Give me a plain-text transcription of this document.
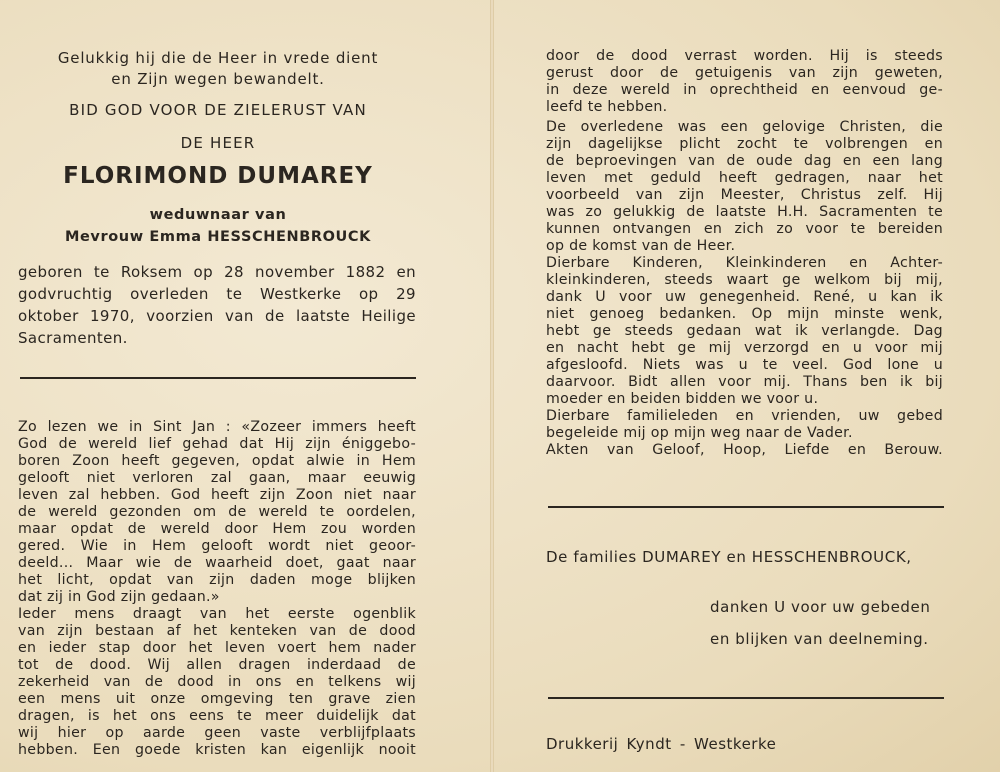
Gelukkig hij die de Heer in vrede dient

en Zijn wegen bewandelt.

BID GOD VOOR DE ZIELERUST VAN
DE HEER
FLORIMOND DUMAREY
weduwnaar van
Mevrouw Emma HESSCHENBROUCK

geboren te Roksem op 28 november 1882 en

godvruchtig overleden te Westkerke op 29

oktober 1970, voorzien van de laatste Heilige

Sacramenten.

Zo lezen we in Sint Jan : «Zozeer immers heeft

God de wereld lief gehad dat Hij zijn éniggebo-

boren Zoon heeft gegeven, opdat alwie in Hem

gelooft niet verloren zal gaan, maar eeuwig

leven zal hebben. God heeft zijn Zoon niet naar

de wereld gezonden om de wereld te oordelen,

maar opdat de wereld door Hem zou worden

gered. Wie in Hem gelooft wordt niet geoor-

deeld... Maar wie de waarheid doet, gaat naar

het licht, opdat van zijn daden moge blijken

dat zij in God zijn gedaan.»

Ieder mens draagt van het eerste ogenblik

van zijn bestaan af het kenteken van de dood

en ieder stap door het leven voert hem nader

tot de dood. Wij allen dragen inderdaad de

zekerheid van de dood in ons en telkens wij

een mens uit onze omgeving ten grave zien

dragen, is het ons eens te meer duidelijk dat

wij hier op aarde geen vaste verblijfplaats

hebben. Een goede kristen kan eigenlijk nooit

door de dood verrast worden. Hij is steeds

gerust door de getuigenis van zijn geweten,

in deze wereld in oprechtheid en eenvoud ge-

leefd te hebben.

De overledene was een gelovige Christen, die

zijn dagelijkse plicht zocht te volbrengen en

de beproevingen van de oude dag en een lang

leven met geduld heeft gedragen, naar het

voorbeeld van zijn Meester, Christus zelf. Hij

was zo gelukkig de laatste H.H. Sacramenten te

kunnen ontvangen en zich zo voor te bereiden

op de komst van de Heer.

Dierbare Kinderen, Kleinkinderen en Achter-

kleinkinderen, steeds waart ge welkom bij mij,

dank U voor uw genegenheid. René, u kan ik

niet genoeg bedanken. Op mijn minste wenk,

hebt ge steeds gedaan wat ik verlangde. Dag

en nacht hebt ge mij verzorgd en u voor mij

afgesloofd. Niets was u te veel. God lone u

daarvoor. Bidt allen voor mij. Thans ben ik bij

moeder en beiden bidden we voor u.

Dierbare familieleden en vrienden, uw gebed

begeleide mij op mijn weg naar de Vader.

Akten van Geloof, Hoop, Liefde en Berouw.

De families DUMAREY en HESSCHENBROUCK,
danken U voor uw gebeden
en blijken van deelneming.
Drukkerij Kyndt - Westkerke
